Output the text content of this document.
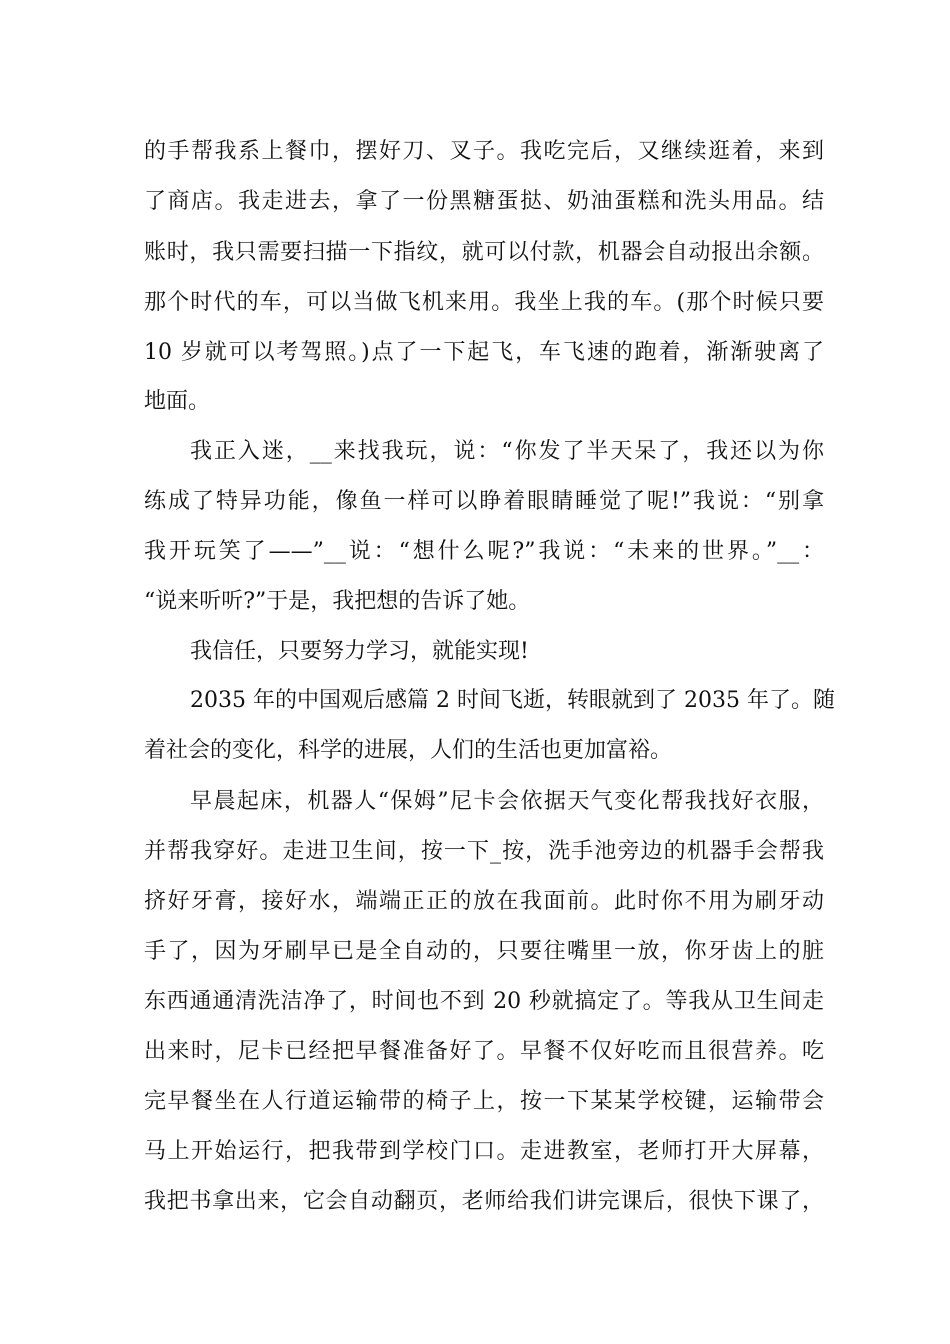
的手帮我系上餐巾，摆好刀、叉子。我吃完后，又继续逛着，来到
了商店。我走进去，拿了一份黑糖蛋挞、奶油蛋糕和洗头用品。结
账时，我只需要扫描一下指纹，就可以付款，机器会自动报出余额。
那个时代的车，可以当做飞机来用。我坐上我的车。(那个时候只要
10 岁就可以考驾照。)点了一下起飞，车飞速的跑着，渐渐驶离了
地面。
我正入迷，__来找我玩，说：“你发了半天呆了，我还以为你
练成了特异功能，像鱼一样可以睁着眼睛睡觉了呢!”我说：“别拿
我开玩笑了——”__说：“想什么呢?”我说：“未来的世界。”__：
“说来听听?”于是，我把想的告诉了她。
我信任，只要努力学习，就能实现!
2035 年的中国观后感篇 2 时间飞逝，转眼就到了 2035 年了。随
着社会的变化，科学的进展，人们的生活也更加富裕。
早晨起床，机器人“保姆”尼卡会依据天气变化帮我找好衣服，
并帮我穿好。走进卫生间，按一下_按，洗手池旁边的机器手会帮我
挤好牙膏，接好水，端端正正的放在我面前。此时你不用为刷牙动
手了，因为牙刷早已是全自动的，只要往嘴里一放，你牙齿上的脏
东西通通清洗洁净了，时间也不到 20 秒就搞定了。等我从卫生间走
出来时，尼卡已经把早餐准备好了。早餐不仅好吃而且很营养。吃
完早餐坐在人行道运输带的椅子上，按一下某某学校键，运输带会
马上开始运行，把我带到学校门口。走进教室，老师打开大屏幕，
我把书拿出来，它会自动翻页，老师给我们讲完课后，很快下课了，
